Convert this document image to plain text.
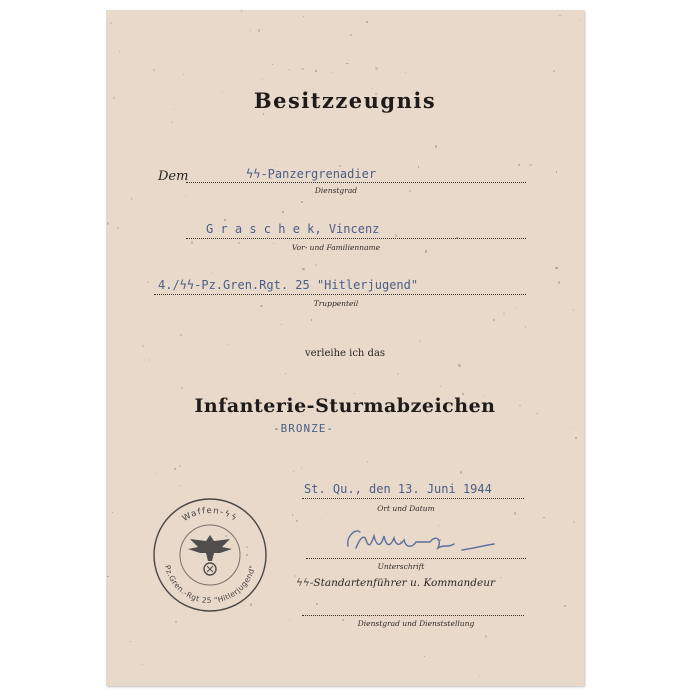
Besitzzeugnis
Dem	ϟϟ-Panzergrenadier
Dienstgrad
G r a s c h e k, Vincenz
Vor- und Familienname
4./ϟϟ-Pz.Gren.Rgt. 25 "Hitlerjugend"
Truppenteil
verleihe ich das
Infanterie-Sturmabzeichen
-BRONZE-
St. Qu., den 13. Juni 1944
Ort und Datum
Unterschrift
ϟϟ-Standartenführer u. Kommandeur
Dienstgrad und Dienststellung
Waffen-ϟϟ
Pz.Gren.-Rgt 25 "Hitlerjugend"
